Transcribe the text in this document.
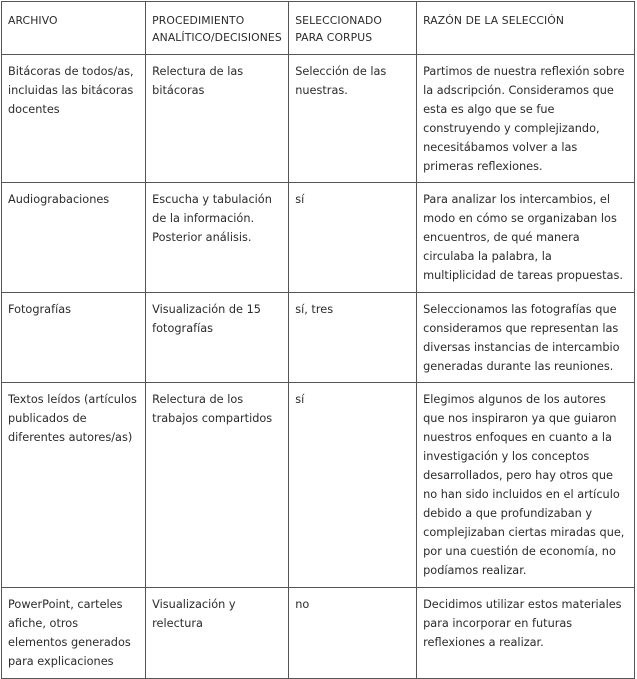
ARCHIVO	PROCEDIMIENTO ANALÍTICO/DECISIONES	SELECCIONADO PARA CORPUS	RAZÓN DE LA SELECCIÓN
Bitácoras de todos/as, incluidas las bitácoras docentes	Relectura de las bitácoras	Selección de las nuestras.	Partimos de nuestra reflexión sobre la adscripción. Consideramos que esta es algo que se fue construyendo y complejizando, necesitábamos volver a las primeras reflexiones.
Audiograbaciones	Escucha y tabulación de la información. Posterior análisis.	sí	Para analizar los intercambios, el modo en cómo se organizaban los encuentros, de qué manera circulaba la palabra, la multiplicidad de tareas propuestas.
Fotografías	Visualización de 15 fotografías	sí, tres	Seleccionamos las fotografías que consideramos que representan las diversas instancias de intercambio generadas durante las reuniones.
Textos leídos (artículos publicados de diferentes autores/as)	Relectura de los trabajos compartidos	sí	Elegimos algunos de los autores que nos inspiraron ya que guiaron nuestros enfoques en cuanto a la investigación y los conceptos desarrollados, pero hay otros que no han sido incluidos en el artículo debido a que profundizaban y complejizaban ciertas miradas que, por una cuestión de economía, no podíamos realizar.
PowerPoint, carteles afiche, otros elementos generados para explicaciones	Visualización y relectura	no	Decidimos utilizar estos materiales para incorporar en futuras reflexiones a realizar.
